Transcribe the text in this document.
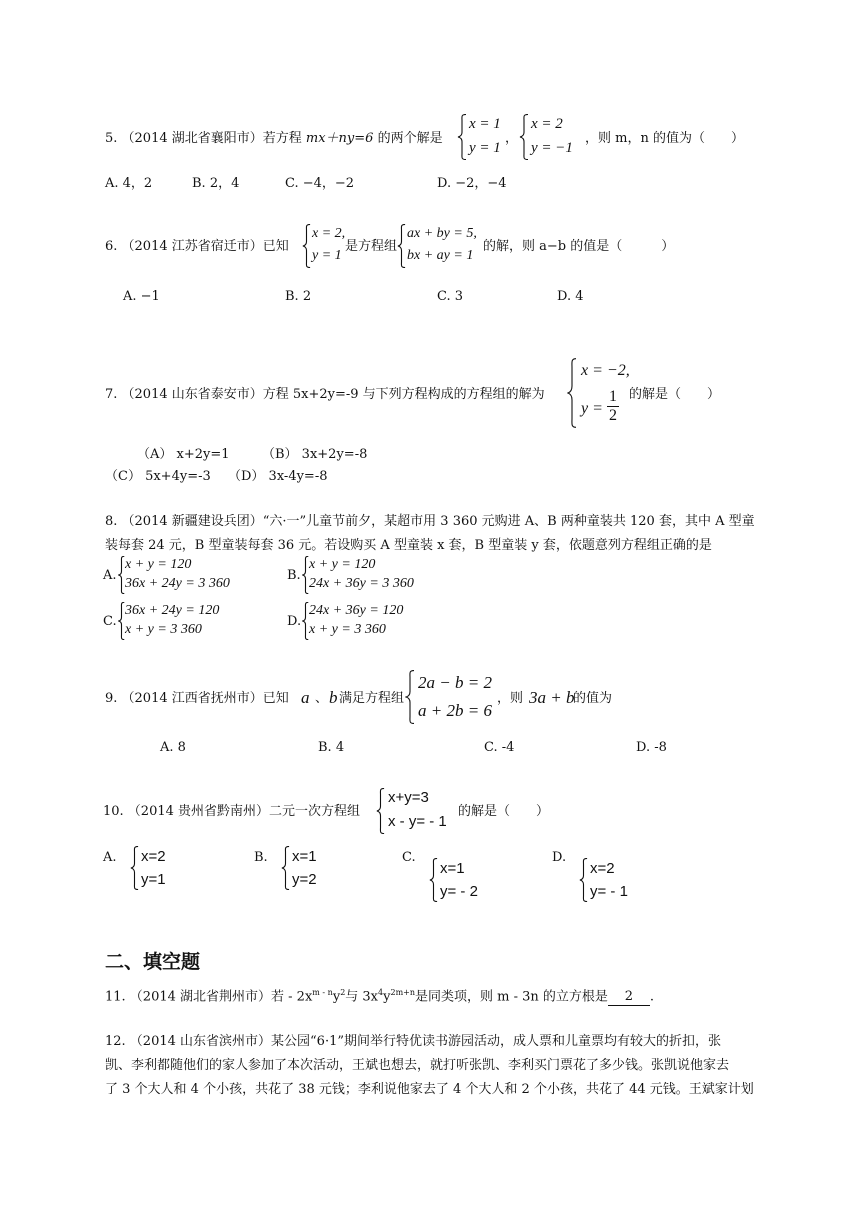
5. （2014 湖北省襄阳市）若方程 mx＋ny=6 的两个解是
x = 1
y = 1
，
x = 2
y = −1
，则 m，n 的值为（　　）
A. 4，2	B. 2，4	C. −4，−2	D. −2，−4
6. （2014 江苏省宿迁市）已知
x = 2,
y = 1
是方程组
ax + by = 5,
bx + ay = 1
的解，则 a−b 的值是（　　　）
A. −1	B. 2	C. 3	D. 4
7. （2014 山东省泰安市）方程 5x+2y=-9 与下列方程构成的方程组的解为
x = −2,
$y = \frac{1}{2}$ 的解是（　　）
（A） x+2y=1 （B） 3x+2y=-8
（C） 5x+4y=-3 （D） 3x-4y=-8
8. （2014 新疆建设兵团）“六·一”儿童节前夕，某超市用 3 360 元购进 A、B 两种童装共 120 套，其中 A 型童
装每套 24 元，B 型童装每套 36 元。若设购买 A 型童装 x 套，B 型童装 y 套，依题意列方程组正确的是
A.
x + y = 120
36x + 24y = 3 360
B.
x + y = 120
24x + 36y = 3 360
C.
36x + 24y = 120
x + y = 3 360
D.
24x + 36y = 120
x + y = 3 360
9. （2014 江西省抚州市）已知 a 、 b 满足方程组
2a − b = 2
a + 2b = 6
，则 3a + b
的值为
A. 8	B. 4	C. -4	D. -8
10. （2014 贵州省黔南州）二元一次方程组
x+y=3
x - y= - 1
的解是（　　）
A. x=2
y=1
B. x=1
y=2
C.
x=1
y= - 2
D.
x=2
y= - 1
二、填空题
11. （2014 湖北省荆州市）若 - $2x^{m - n}y^2$与 $3x^4y^{2m+n}$是同类项，则 m - 3n 的立方根是 2 .
12. （2014 山东省滨州市）某公园“6·1”期间举行特优读书游园活动，成人票和儿童票均有较大的折扣，张
凯、李利都随他们的家人参加了本次活动，王斌也想去，就打听张凯、李利买门票花了多少钱。张凯说他家去
了 3 个大人和 4 个小孩，共花了 38 元钱；李利说他家去了 4 个大人和 2 个小孩，共花了 44 元钱。王斌家计划
